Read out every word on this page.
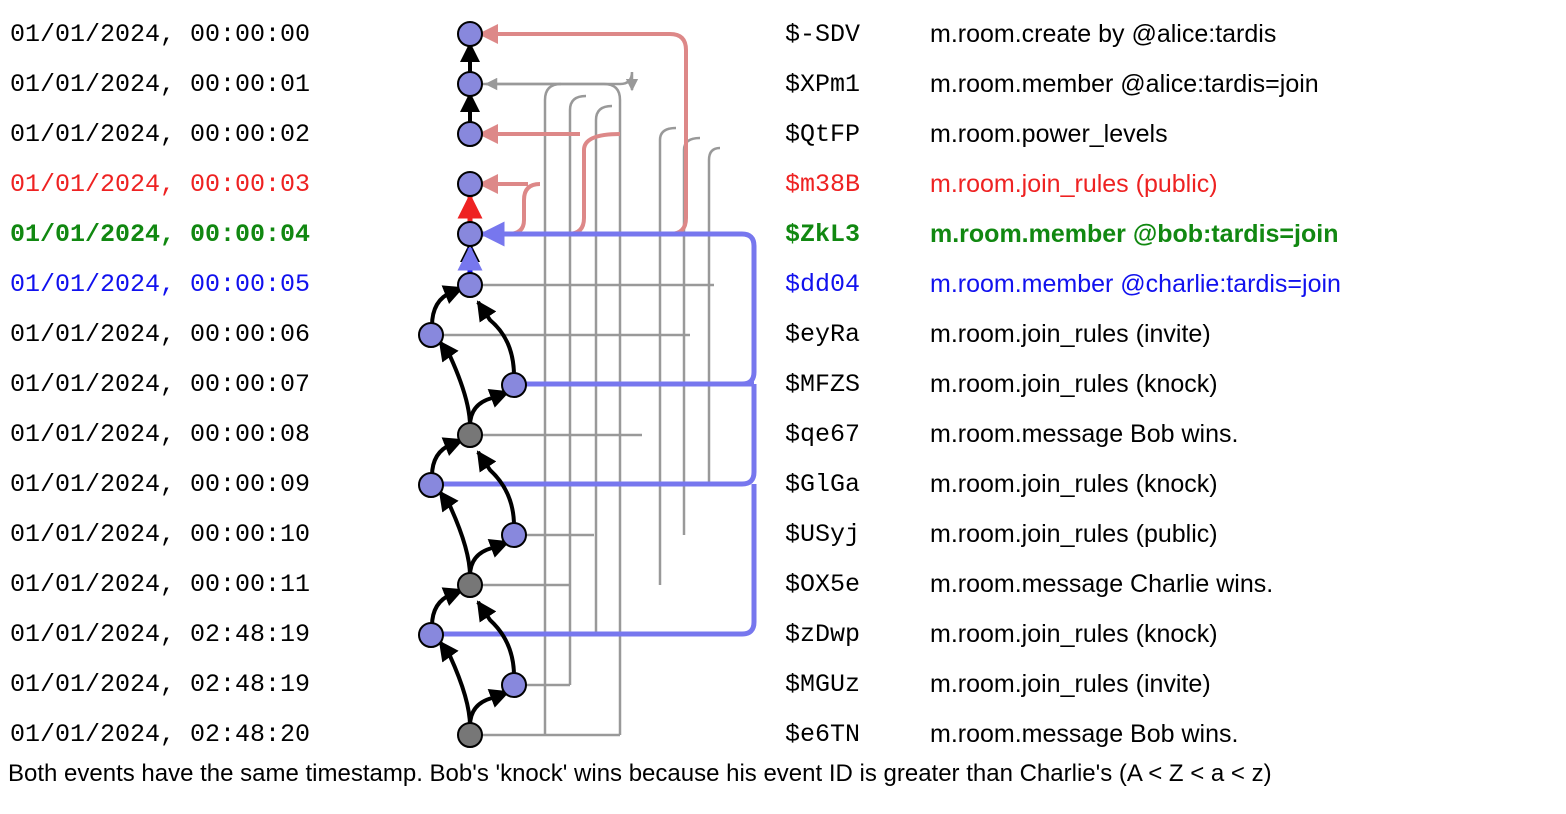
01/01/2024, 00:00:00	$-SDV	m.room.create by @alice:tardis
01/01/2024, 00:00:01	$XPm1	m.room.member @alice:tardis=join
01/01/2024, 00:00:02	$QtFP	m.room.power_levels
01/01/2024, 00:00:03	$m38B	m.room.join_rules (public)
01/01/2024, 00:00:04	$ZkL3	m.room.member @bob:tardis=join
01/01/2024, 00:00:05	$dd04	m.room.member @charlie:tardis=join
01/01/2024, 00:00:06	$eyRa	m.room.join_rules (invite)
01/01/2024, 00:00:07	$MFZS	m.room.join_rules (knock)
01/01/2024, 00:00:08	$qe67	m.room.message Bob wins.
01/01/2024, 00:00:09	$GlGa	m.room.join_rules (knock)
01/01/2024, 00:00:10	$USyj	m.room.join_rules (public)
01/01/2024, 00:00:11	$OX5e	m.room.message Charlie wins.
01/01/2024, 02:48:19	$zDwp	m.room.join_rules (knock)
01/01/2024, 02:48:19	$MGUz	m.room.join_rules (invite)
01/01/2024, 02:48:20	$e6TN	m.room.message Bob wins.
Both events have the same timestamp. Bob's 'knock' wins because his event ID is greater than Charlie's (A < Z < a < z)
